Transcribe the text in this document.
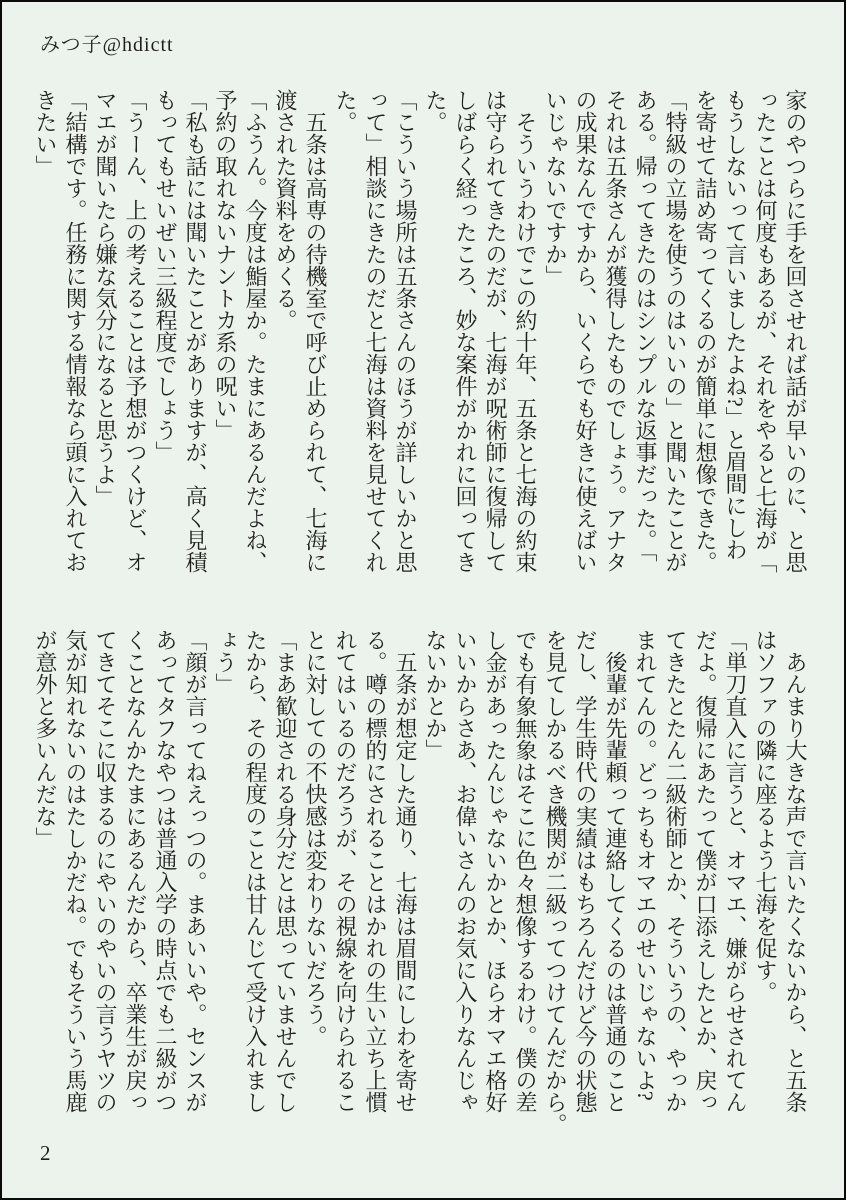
みつ子@hdictt
家のやつらに手を回させれば話が早いのに、と思
ったことは何度もあるが、それをやると七海が「
もうしないって言いましたよね?」と眉間にしわ
を寄せて詰め寄ってくるのが簡単に想像できた。
「特級の立場を使うのはいいの」と聞いたことが
ある。帰ってきたのはシンプルな返事だった。「
それは五条さんが獲得したものでしょう。アナタ
の成果なんですから、いくらでも好きに使えばい
いじゃないですか」
　そういうわけでこの約十年、五条と七海の約束
は守られてきたのだが、七海が呪術師に復帰して
しばらく経ったころ、妙な案件がかれに回ってき
た。
「こういう場所は五条さんのほうが詳しいかと思
って」相談にきたのだと七海は資料を見せてくれ
た。
　五条は高専の待機室で呼び止められて、七海に
渡された資料をめくる。
「ふうん。今度は鮨屋か。たまにあるんだよね、
予約の取れないナントカ系の呪い」
「私も話には聞いたことがありますが、高く見積
もってもせいぜい三級程度でしょう」
「うーん、上の考えることは予想がつくけど、オ
マエが聞いたら嫌な気分になると思うよ」
「結構です。任務に関する情報なら頭に入れてお
きたい」
　あんまり大きな声で言いたくないから、と五条
はソファの隣に座るよう七海を促す。
「単刀直入に言うと、オマエ、嫌がらせされてん
だよ。復帰にあたって僕が口添えしたとか、戻っ
てきたとたん二級術師とか、そういうの、やっか
まれてんの。どっちもオマエのせいじゃないよ?
　後輩が先輩頼って連絡してくるのは普通のこと
だし、学生時代の実績はもちろんだけど今の状態
を見てしかるべき機関が二級ってつけてんだから。
でも有象無象はそこに色々想像するわけ。僕の差
し金があったんじゃないかとか、ほらオマエ格好
いいからさあ、お偉いさんのお気に入りなんじゃ
ないかとか」
　五条が想定した通り、七海は眉間にしわを寄せ
る。噂の標的にされることはかれの生い立ち上慣
れてはいるのだろうが、その視線を向けられるこ
とに対しての不快感は変わりないだろう。
「まあ歓迎される身分だとは思っていませんでし
たから、その程度のことは甘んじて受け入れまし
ょう」
「顔が言ってねえっつの。まあいいや。センスが
あってタフなやつは普通入学の時点でも二級がつ
くことなんかたまにあるんだから、卒業生が戻っ
てきてそこに収まるのにやいのやいの言うヤツの
気が知れないのはたしかだね。でもそういう馬鹿
が意外と多いんだな」
2
